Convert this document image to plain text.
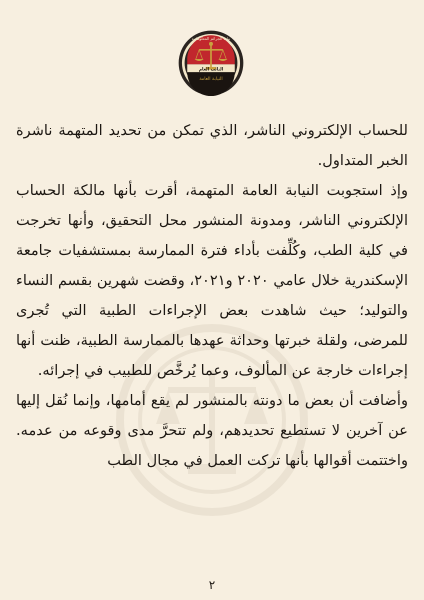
نيابة الجرائم المعلوماتية
النائب العام
النيابة العامة

للحساب الإلكتروني الناشر، الذي تمكن من تحديد المتهمة ناشرة الخبر المتداول.

وإذ استجوبت النيابة العامة المتهمة، أقرت بأنها مالكة الحساب الإلكتروني الناشر، ومدونة المنشور محل التحقيق، وأنها تخرجت في كلية الطب، وكُلِّفت بأداء فترة الممارسة بمستشفيات جامعة الإسكندرية خلال عامي ٢٠٢٠ و٢٠٢١، وقضت شهرين بقسم النساء والتوليد؛ حيث شاهدت بعض الإجراءات الطبية التي تُجرى للمرضى، ولقلة خبرتها وحداثة عهدها بالممارسة الطبية، ظنت أنها إجراءات خارجة عن المألوف، وعما يُرخَّص للطبيب في إجرائه.

وأضافت أن بعض ما دونته بالمنشور لم يقع أمامها، وإنما نُقل إليها عن آخرين لا تستطيع تحديدهم، ولم تتحرَّ مدى وقوعه من عدمه. واختتمت أقوالها بأنها تركت العمل في مجال الطب

٢
